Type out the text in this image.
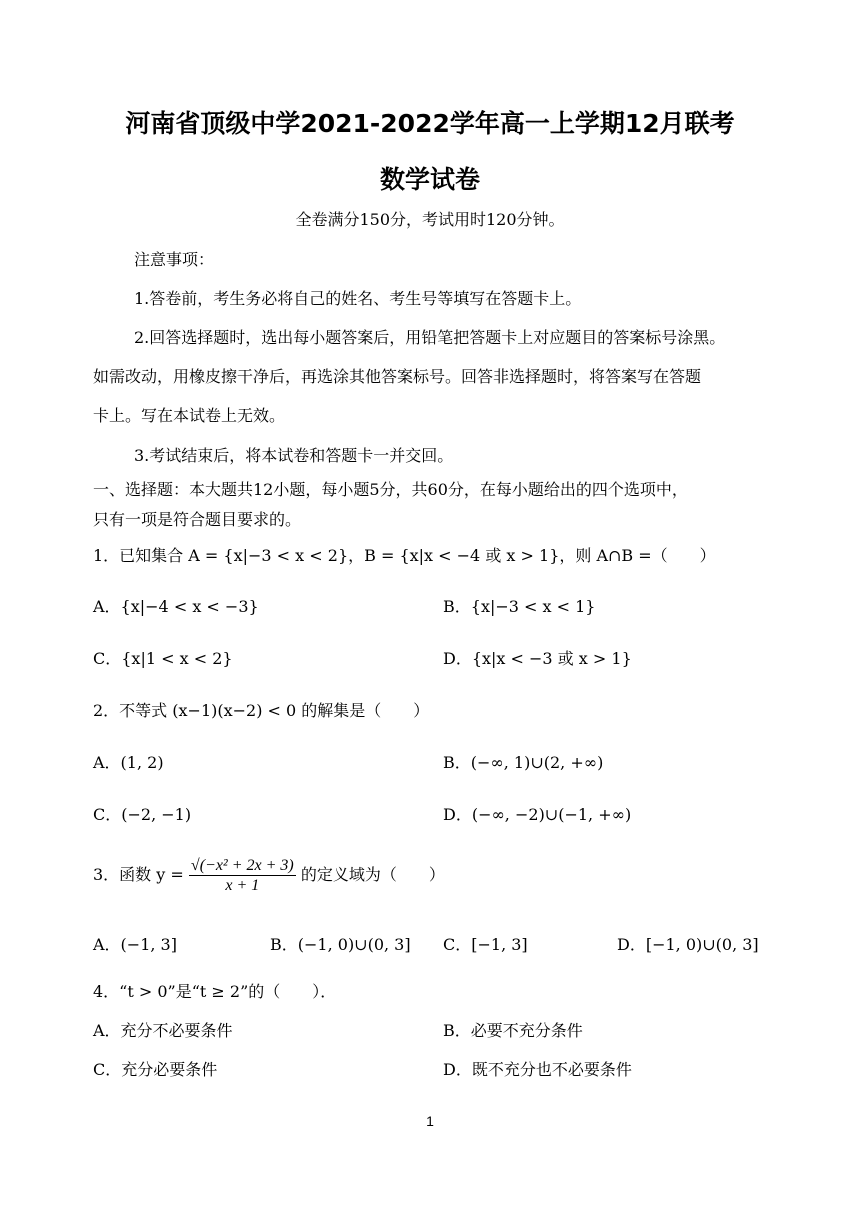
河南省顶级中学2021-2022学年高一上学期12月联考
数学试卷
全卷满分150分，考试用时120分钟。
注意事项：
1.答卷前，考生务必将自己的姓名、考生号等填写在答题卡上。
2.回答选择题时，选出每小题答案后，用铅笔把答题卡上对应题目的答案标号涂黑。
如需改动，用橡皮擦干净后，再选涂其他答案标号。回答非选择题时，将答案写在答题
卡上。写在本试卷上无效。
3.考试结束后，将本试卷和答题卡一并交回。
一、选择题：本大题共12小题，每小题5分，共60分，在每小题给出的四个选项中，
只有一项是符合题目要求的。
1．已知集合 A = {x|−3 < x < 2}，B = {x|x < −4 或 x > 1}，则 A∩B =（　　）
A．{x|−4 < x < −3}	B．{x|−3 < x < 1}
C．{x|1 < x < 2}	D．{x|x < −3 或 x > 1}
2．不等式 (x−1)(x−2) < 0 的解集是（　　）
A．(1, 2)	B．(−∞, 1)∪(2, +∞)
C．(−2, −1)	D．(−∞, −2)∪(−1, +∞)
3．函数 $y = \frac{\text{√(−x² + 2x + 3)}}{x + 1}$ 的定义域为（　　）
A．(−1, 3]	B．(−1, 0)∪(0, 3] C．[−1, 3]	D．[−1, 0)∪(0, 3]
4．“t > 0”是“t ≥ 2”的（　　）．
A．充分不必要条件	B．必要不充分条件
C．充分必要条件	D．既不充分也不必要条件
1
